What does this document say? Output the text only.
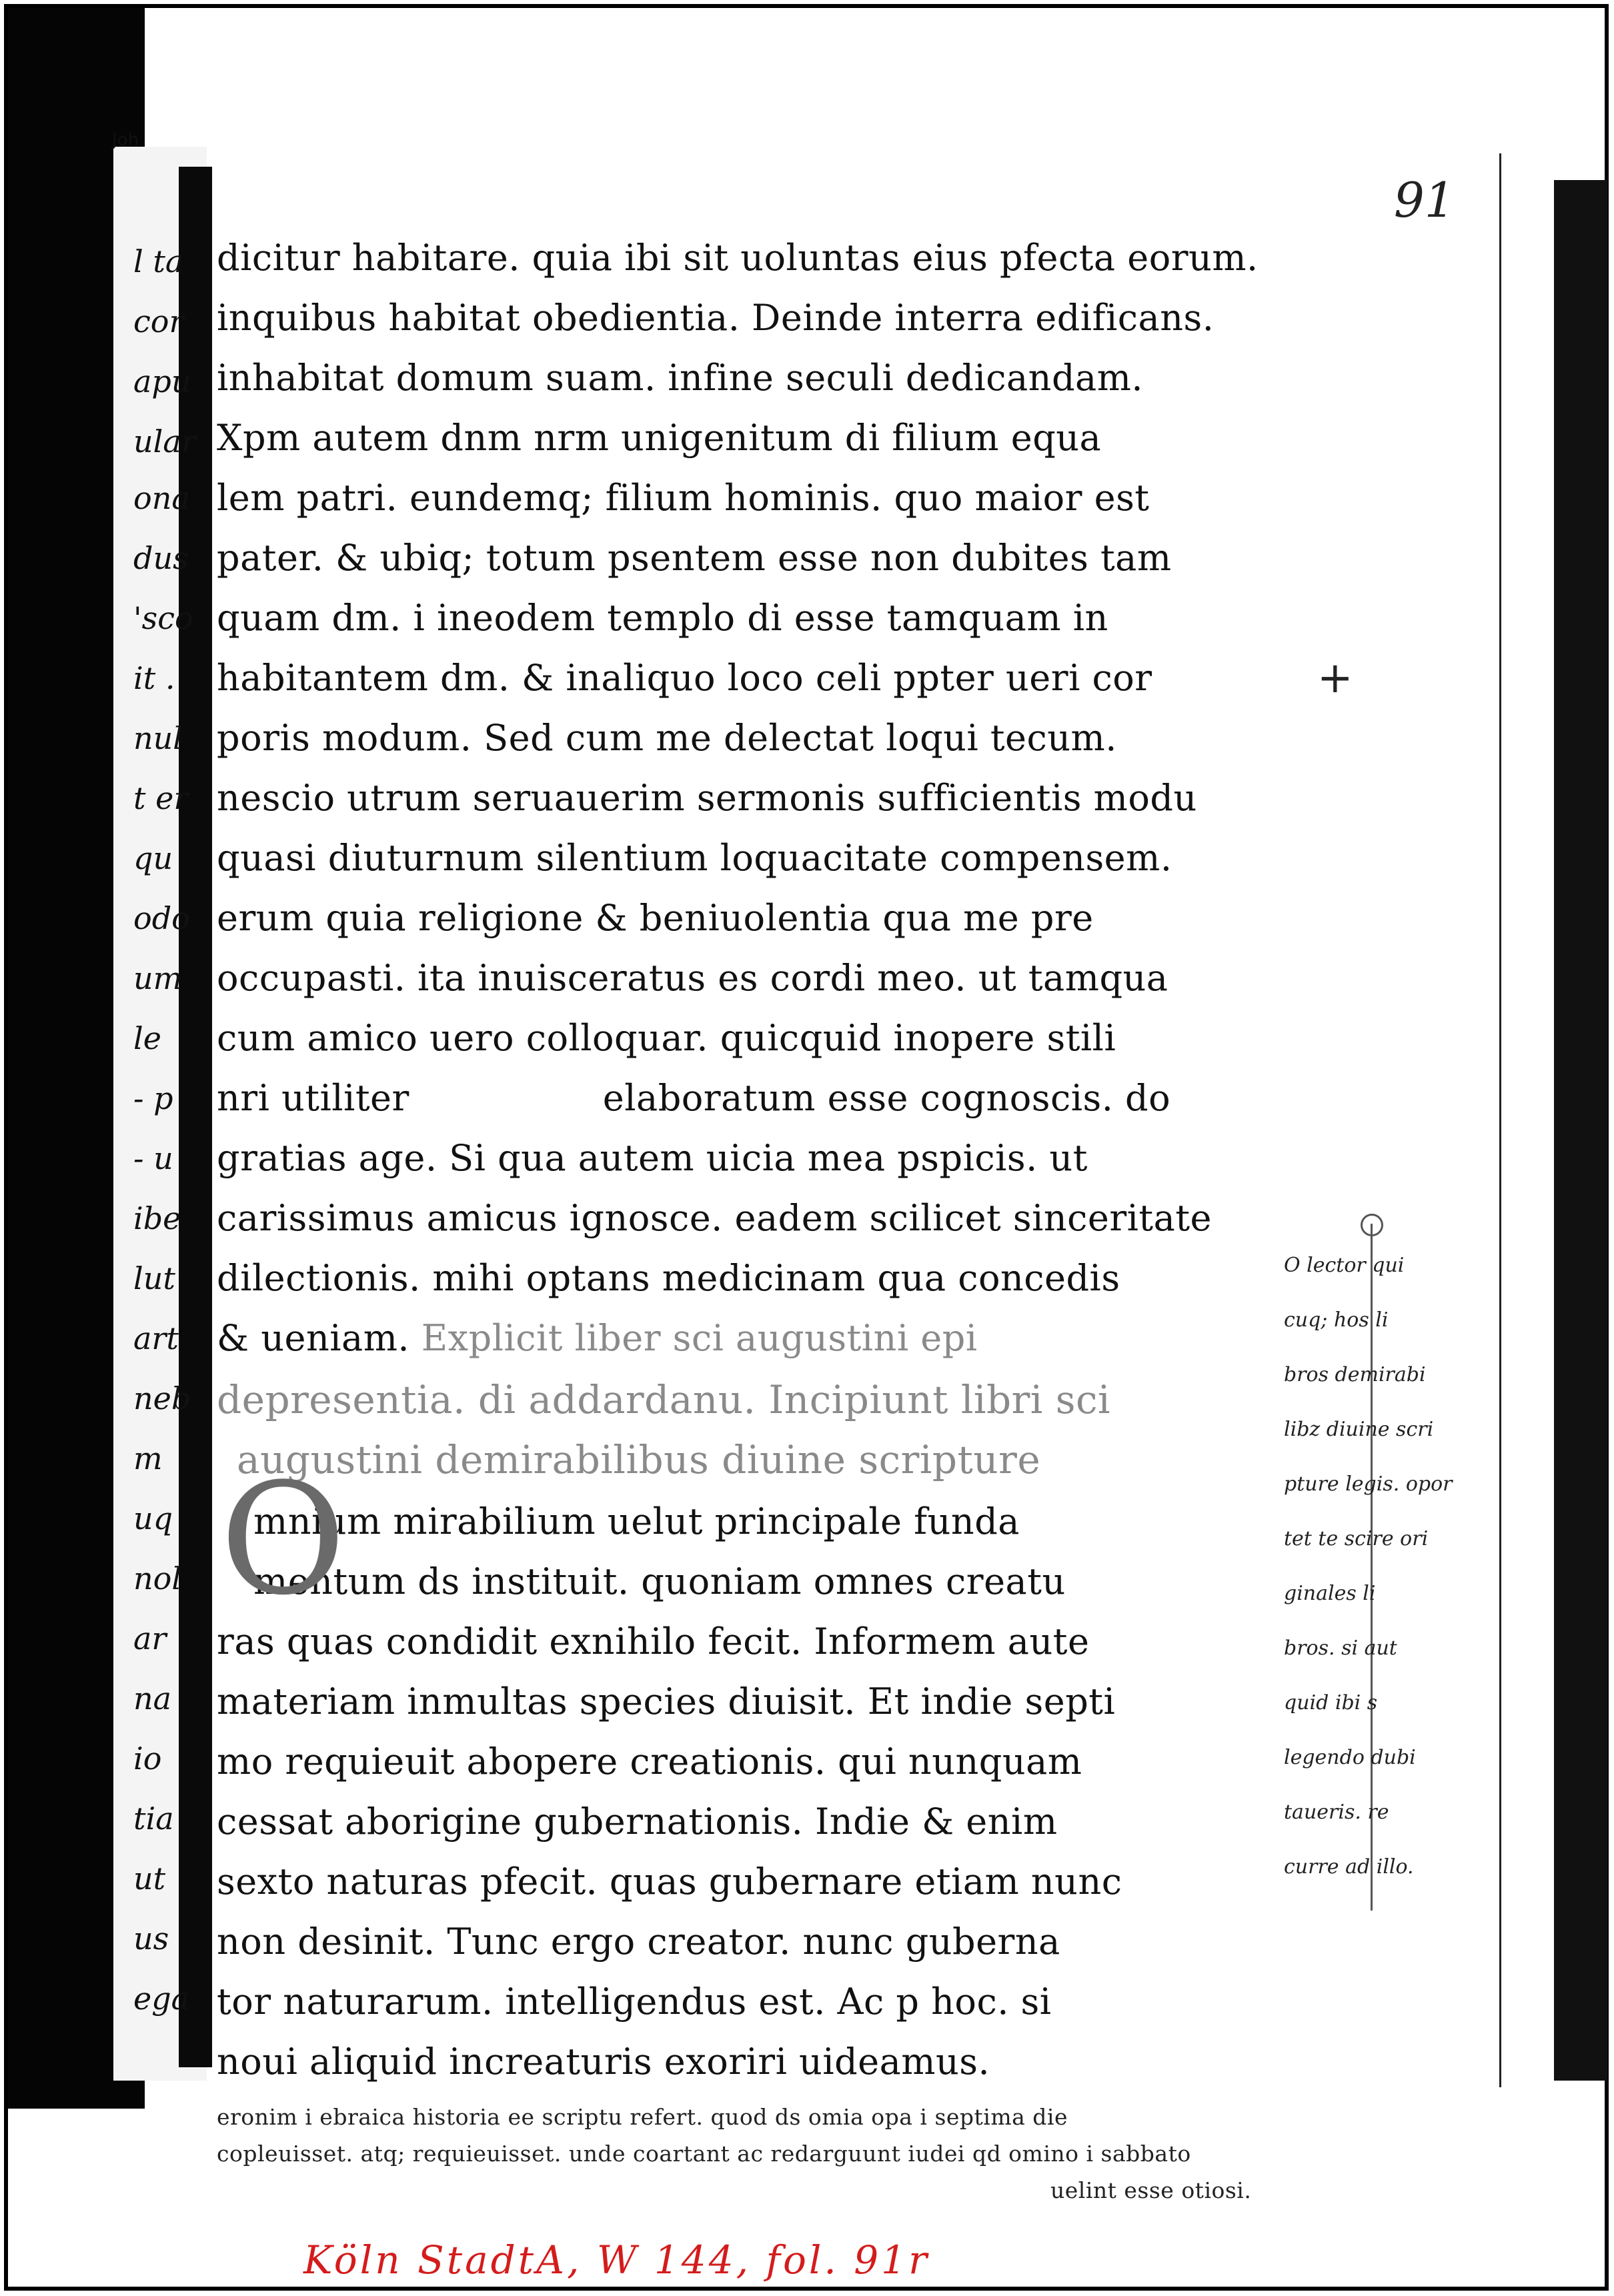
Joh
91
l ta
cor
apu
ular
ona
dus
'sco
it .
nul
t er
qu
odo
um
le
- p
- u
ibe
lut
art
neb
m
uq
nol
ar
na
io
tia
ut
us
ega
dicitur habitare. quia ibi sit uoluntas eius pfecta eorum.
inquibus habitat obedientia. Deinde interra edificans.
inhabitat domum suam. infine seculi dedicandam.
Xpm autem dnm nrm unigenitum di filium equa
lem patri. eundemq; filium hominis. quo maior est
pater. & ubiq; totum psentem esse non dubites tam
quam dm. i ineodem templo di esse tamquam in
habitantem dm. & inaliquo loco celi ppter ueri cor
poris modum. Sed cum me delectat loqui tecum.
nescio utrum seruauerim sermonis sufficientis modu
quasi diuturnum silentium loquacitate compensem.
erum quia religione & beniuolentia qua me pre
occupasti. ita inuisceratus es cordi meo. ut tamqua
cum amico uero colloquar. quicquid inopere stili
nri utiliter	elaboratum esse cognoscis. do
gratias age. Si qua autem uicia mea pspicis. ut
carissimus amicus ignosce. eadem scilicet sinceritate
dilectionis. mihi optans medicinam qua concedis
& ueniam. Explicit liber sci augustini epi
depresentia. di addardanu. Incipiunt libri sci
augustini demirabilibus diuine scripture
mnium mirabilium uelut principale funda
mentum ds instituit. quoniam omnes creatu
ras quas condidit exnihilo fecit. Informem aute
materiam inmultas species diuisit. Et indie septi
mo requieuit abopere creationis. qui nunquam
cessat aborigine gubernationis. Indie & enim
sexto naturas pfecit. quas gubernare etiam nunc
non desinit. Tunc ergo creator. nunc guberna
tor naturarum. intelligendus est. Ac p hoc. si
noui aliquid increaturis exoriri uideamus.
eronim i ebraica historia ee scriptu refert. quod ds omia opa i septima die
copleuisset. atq; requieuisset. unde coartant ac redarguunt iudei qd omino i sabbato
uelint esse otiosi.
O
+
O lector qui
cuq; hos li
bros demirabi
libz diuine scri
pture legis. opor
tet te scire ori
ginales li
bros. si aut
quid ibi s
legendo dubi
taueris. re
curre ad illo.
Köln StadtA, W 144, fol. 91r
